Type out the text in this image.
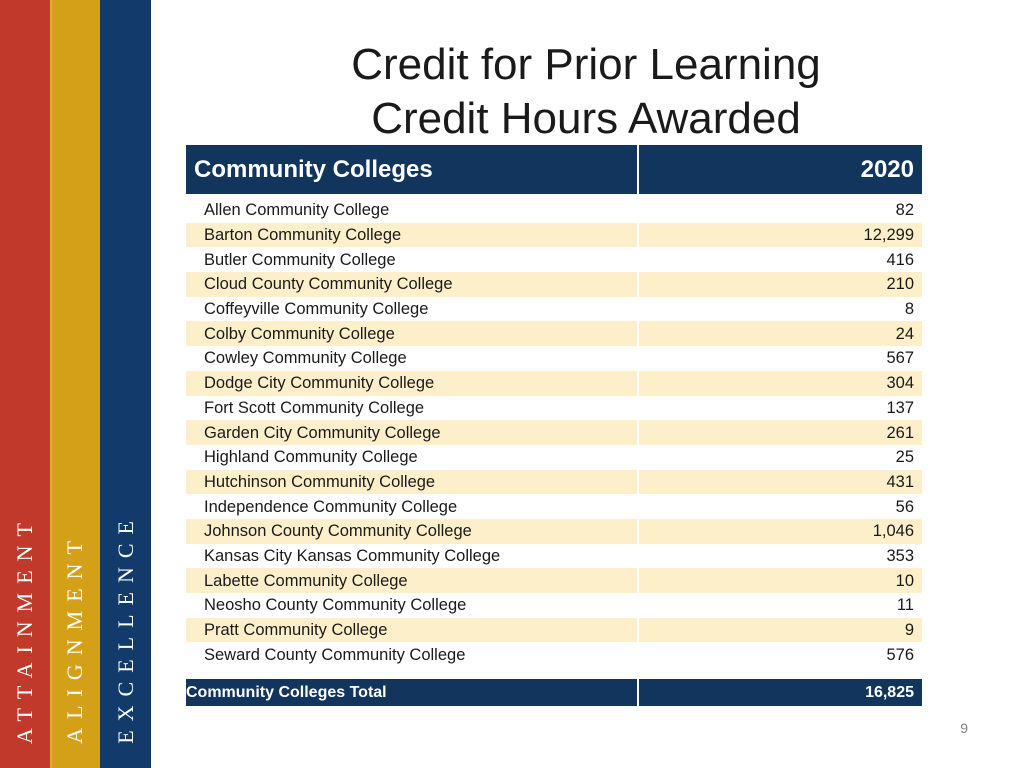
ATTAINMENT ALIGNMENT EXCELLENCE
Credit for Prior Learning
Credit Hours Awarded
Community Colleges	2020
Allen Community College	82
Barton Community College	12,299
Butler Community College	416
Cloud County Community College	210
Coffeyville Community College	8
Colby Community College	24
Cowley Community College	567
Dodge City Community College	304
Fort Scott Community College	137
Garden City Community College	261
Highland Community College	25
Hutchinson Community College	431
Independence Community College	56
Johnson County Community College	1,046
Kansas City Kansas Community College	353
Labette Community College	10
Neosho County Community College	11
Pratt Community College	9
Seward County Community College	576

Community Colleges Total	16,825
9
